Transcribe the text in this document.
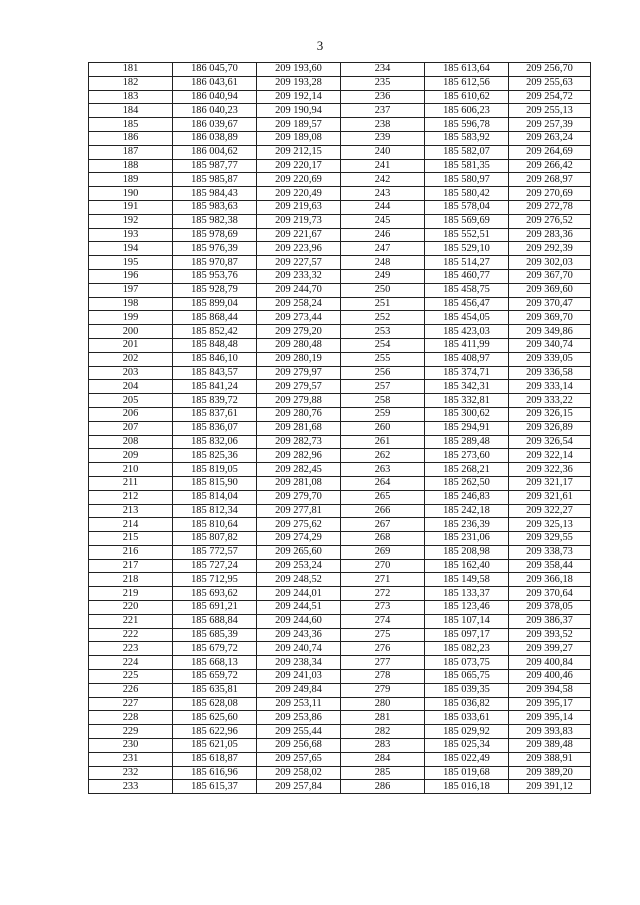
3
181	186 045,70	209 193,60	234	185 613,64	209 256,70
182	186 043,61	209 193,28	235	185 612,56	209 255,63
183	186 040,94	209 192,14	236	185 610,62	209 254,72
184	186 040,23	209 190,94	237	185 606,23	209 255,13
185	186 039,67	209 189,57	238	185 596,78	209 257,39
186	186 038,89	209 189,08	239	185 583,92	209 263,24
187	186 004,62	209 212,15	240	185 582,07	209 264,69
188	185 987,77	209 220,17	241	185 581,35	209 266,42
189	185 985,87	209 220,69	242	185 580,97	209 268,97
190	185 984,43	209 220,49	243	185 580,42	209 270,69
191	185 983,63	209 219,63	244	185 578,04	209 272,78
192	185 982,38	209 219,73	245	185 569,69	209 276,52
193	185 978,69	209 221,67	246	185 552,51	209 283,36
194	185 976,39	209 223,96	247	185 529,10	209 292,39
195	185 970,87	209 227,57	248	185 514,27	209 302,03
196	185 953,76	209 233,32	249	185 460,77	209 367,70
197	185 928,79	209 244,70	250	185 458,75	209 369,60
198	185 899,04	209 258,24	251	185 456,47	209 370,47
199	185 868,44	209 273,44	252	185 454,05	209 369,70
200	185 852,42	209 279,20	253	185 423,03	209 349,86
201	185 848,48	209 280,48	254	185 411,99	209 340,74
202	185 846,10	209 280,19	255	185 408,97	209 339,05
203	185 843,57	209 279,97	256	185 374,71	209 336,58
204	185 841,24	209 279,57	257	185 342,31	209 333,14
205	185 839,72	209 279,88	258	185 332,81	209 333,22
206	185 837,61	209 280,76	259	185 300,62	209 326,15
207	185 836,07	209 281,68	260	185 294,91	209 326,89
208	185 832,06	209 282,73	261	185 289,48	209 326,54
209	185 825,36	209 282,96	262	185 273,60	209 322,14
210	185 819,05	209 282,45	263	185 268,21	209 322,36
211	185 815,90	209 281,08	264	185 262,50	209 321,17
212	185 814,04	209 279,70	265	185 246,83	209 321,61
213	185 812,34	209 277,81	266	185 242,18	209 322,27
214	185 810,64	209 275,62	267	185 236,39	209 325,13
215	185 807,82	209 274,29	268	185 231,06	209 329,55
216	185 772,57	209 265,60	269	185 208,98	209 338,73
217	185 727,24	209 253,24	270	185 162,40	209 358,44
218	185 712,95	209 248,52	271	185 149,58	209 366,18
219	185 693,62	209 244,01	272	185 133,37	209 370,64
220	185 691,21	209 244,51	273	185 123,46	209 378,05
221	185 688,84	209 244,60	274	185 107,14	209 386,37
222	185 685,39	209 243,36	275	185 097,17	209 393,52
223	185 679,72	209 240,74	276	185 082,23	209 399,27
224	185 668,13	209 238,34	277	185 073,75	209 400,84
225	185 659,72	209 241,03	278	185 065,75	209 400,46
226	185 635,81	209 249,84	279	185 039,35	209 394,58
227	185 628,08	209 253,11	280	185 036,82	209 395,17
228	185 625,60	209 253,86	281	185 033,61	209 395,14
229	185 622,96	209 255,44	282	185 029,92	209 393,83
230	185 621,05	209 256,68	283	185 025,34	209 389,48
231	185 618,87	209 257,65	284	185 022,49	209 388,91
232	185 616,96	209 258,02	285	185 019,68	209 389,20
233	185 615,37	209 257,84	286	185 016,18	209 391,12
